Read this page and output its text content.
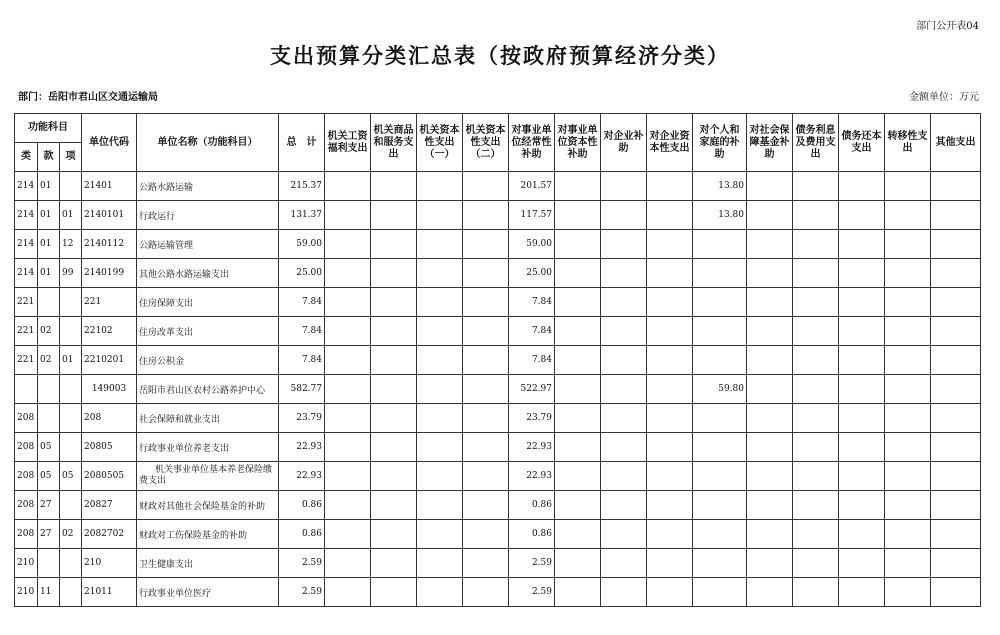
部门公开表04
支出预算分类汇总表（按政府预算经济分类）
部门：岳阳市君山区交通运输局	金额单位：万元
功能科目			单位代码	单位名称（功能科目）	总　计	机关工资福利支出	机关商品和服务支出	机关资本性支出（一）	机关资本性支出（二）	对事业单位经常性补助	对事业单位资本性补助	对企业补助	对企业资本性支出	对个人和家庭的补助	对社会保障基金补助	债务利息及费用支出	债务还本支出	转移性支出	其他支出
类	款	项																	
214	01		21401	公路水路运输	215.37					201.57				13.80					
214	01	01	2140101	行政运行	131.37					117.57				13.80					
214	01	12	2140112	公路运输管理	59.00					59.00									
214	01	99	2140199	其他公路水路运输支出	25.00					25.00									
221			221	住房保障支出	7.84					7.84									
221	02		22102	住房改革支出	7.84					7.84									
221	02	01	2210201	住房公积金	7.84					7.84									
			149003	岳阳市君山区农村公路养护中心	582.77					522.97				59.80					
208			208	社会保障和就业支出	23.79					23.79									
208	05		20805	行政事业单位养老支出	22.93					22.93									
208	05	05	2080505	机关事业单位基本养老保险缴
费支出	22.93					22.93									
208	27		20827	财政对其他社会保险基金的补助	0.86					0.86									
208	27	02	2082702	财政对工伤保险基金的补助	0.86					0.86									
210			210	卫生健康支出	2.59					2.59									
210	11		21011	行政事业单位医疗	2.59					2.59									
